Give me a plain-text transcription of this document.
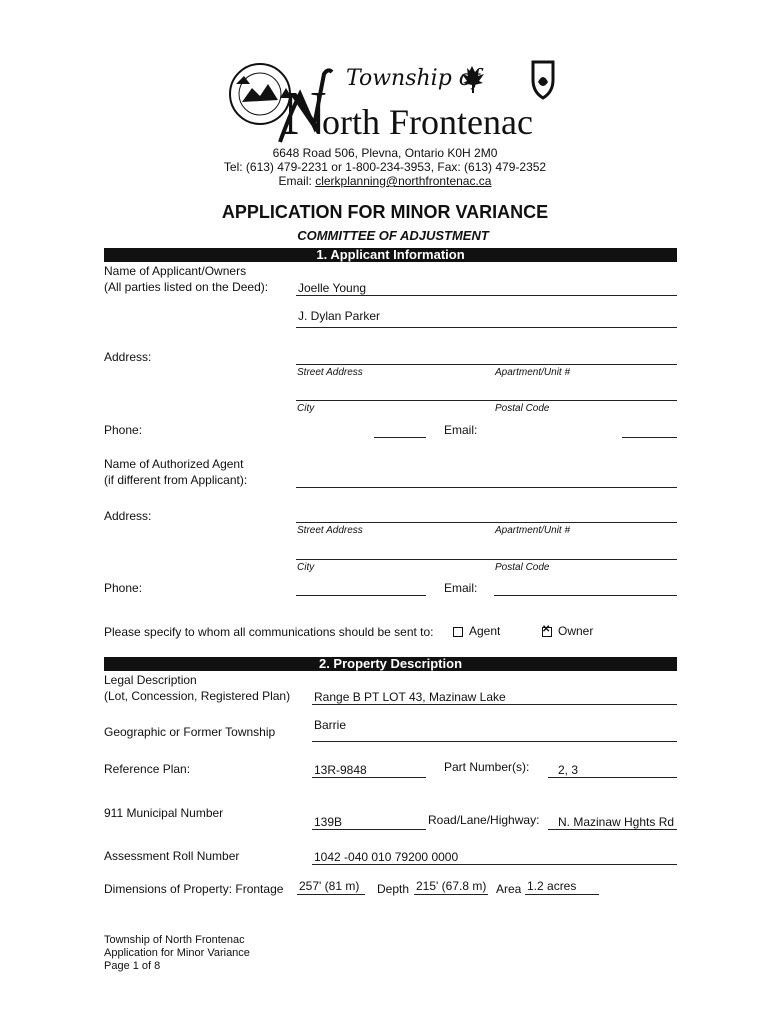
Township of
N
orth Frontenac
6648 Road 506, Plevna, Ontario K0H 2M0
Tel: (613) 479-2231 or 1-800-234-3953, Fax: (613) 479-2352
Email: clerkplanning@northfrontenac.ca
APPLICATION FOR MINOR VARIANCE
COMMITTEE OF ADJUSTMENT
1. Applicant Information
Name of Applicant/Owners
(All parties listed on the Deed): Joelle Young
J. Dylan Parker
Address:
Street Address	Apartment/Unit #
City	Postal Code
Phone:	Email:
Name of Authorized Agent
(if different from Applicant):
Address:
Street Address	Apartment/Unit #
City	Postal Code
Phone:	Email:
Please specify to whom all communications should be sent to:	Agent
✕	Owner
2. Property Description
Legal Description
(Lot, Concession, Registered Plan) Range B PT LOT 43, Mazinaw Lake
Geographic or Former Township	Barrie
Reference Plan:	13R-9848	Part Number(s): 2, 3
911 Municipal Number
139B	Road/Lane/Highway: N. Mazinaw Hghts Rd
Assessment Roll Number	1042 -040 010 79200 0000
Dimensions of Property: Frontage 257' (81 m) Depth 215' (67.8 m) Area 1.2 acres
Township of North Frontenac
Application for Minor Variance
Page 1 of 8
